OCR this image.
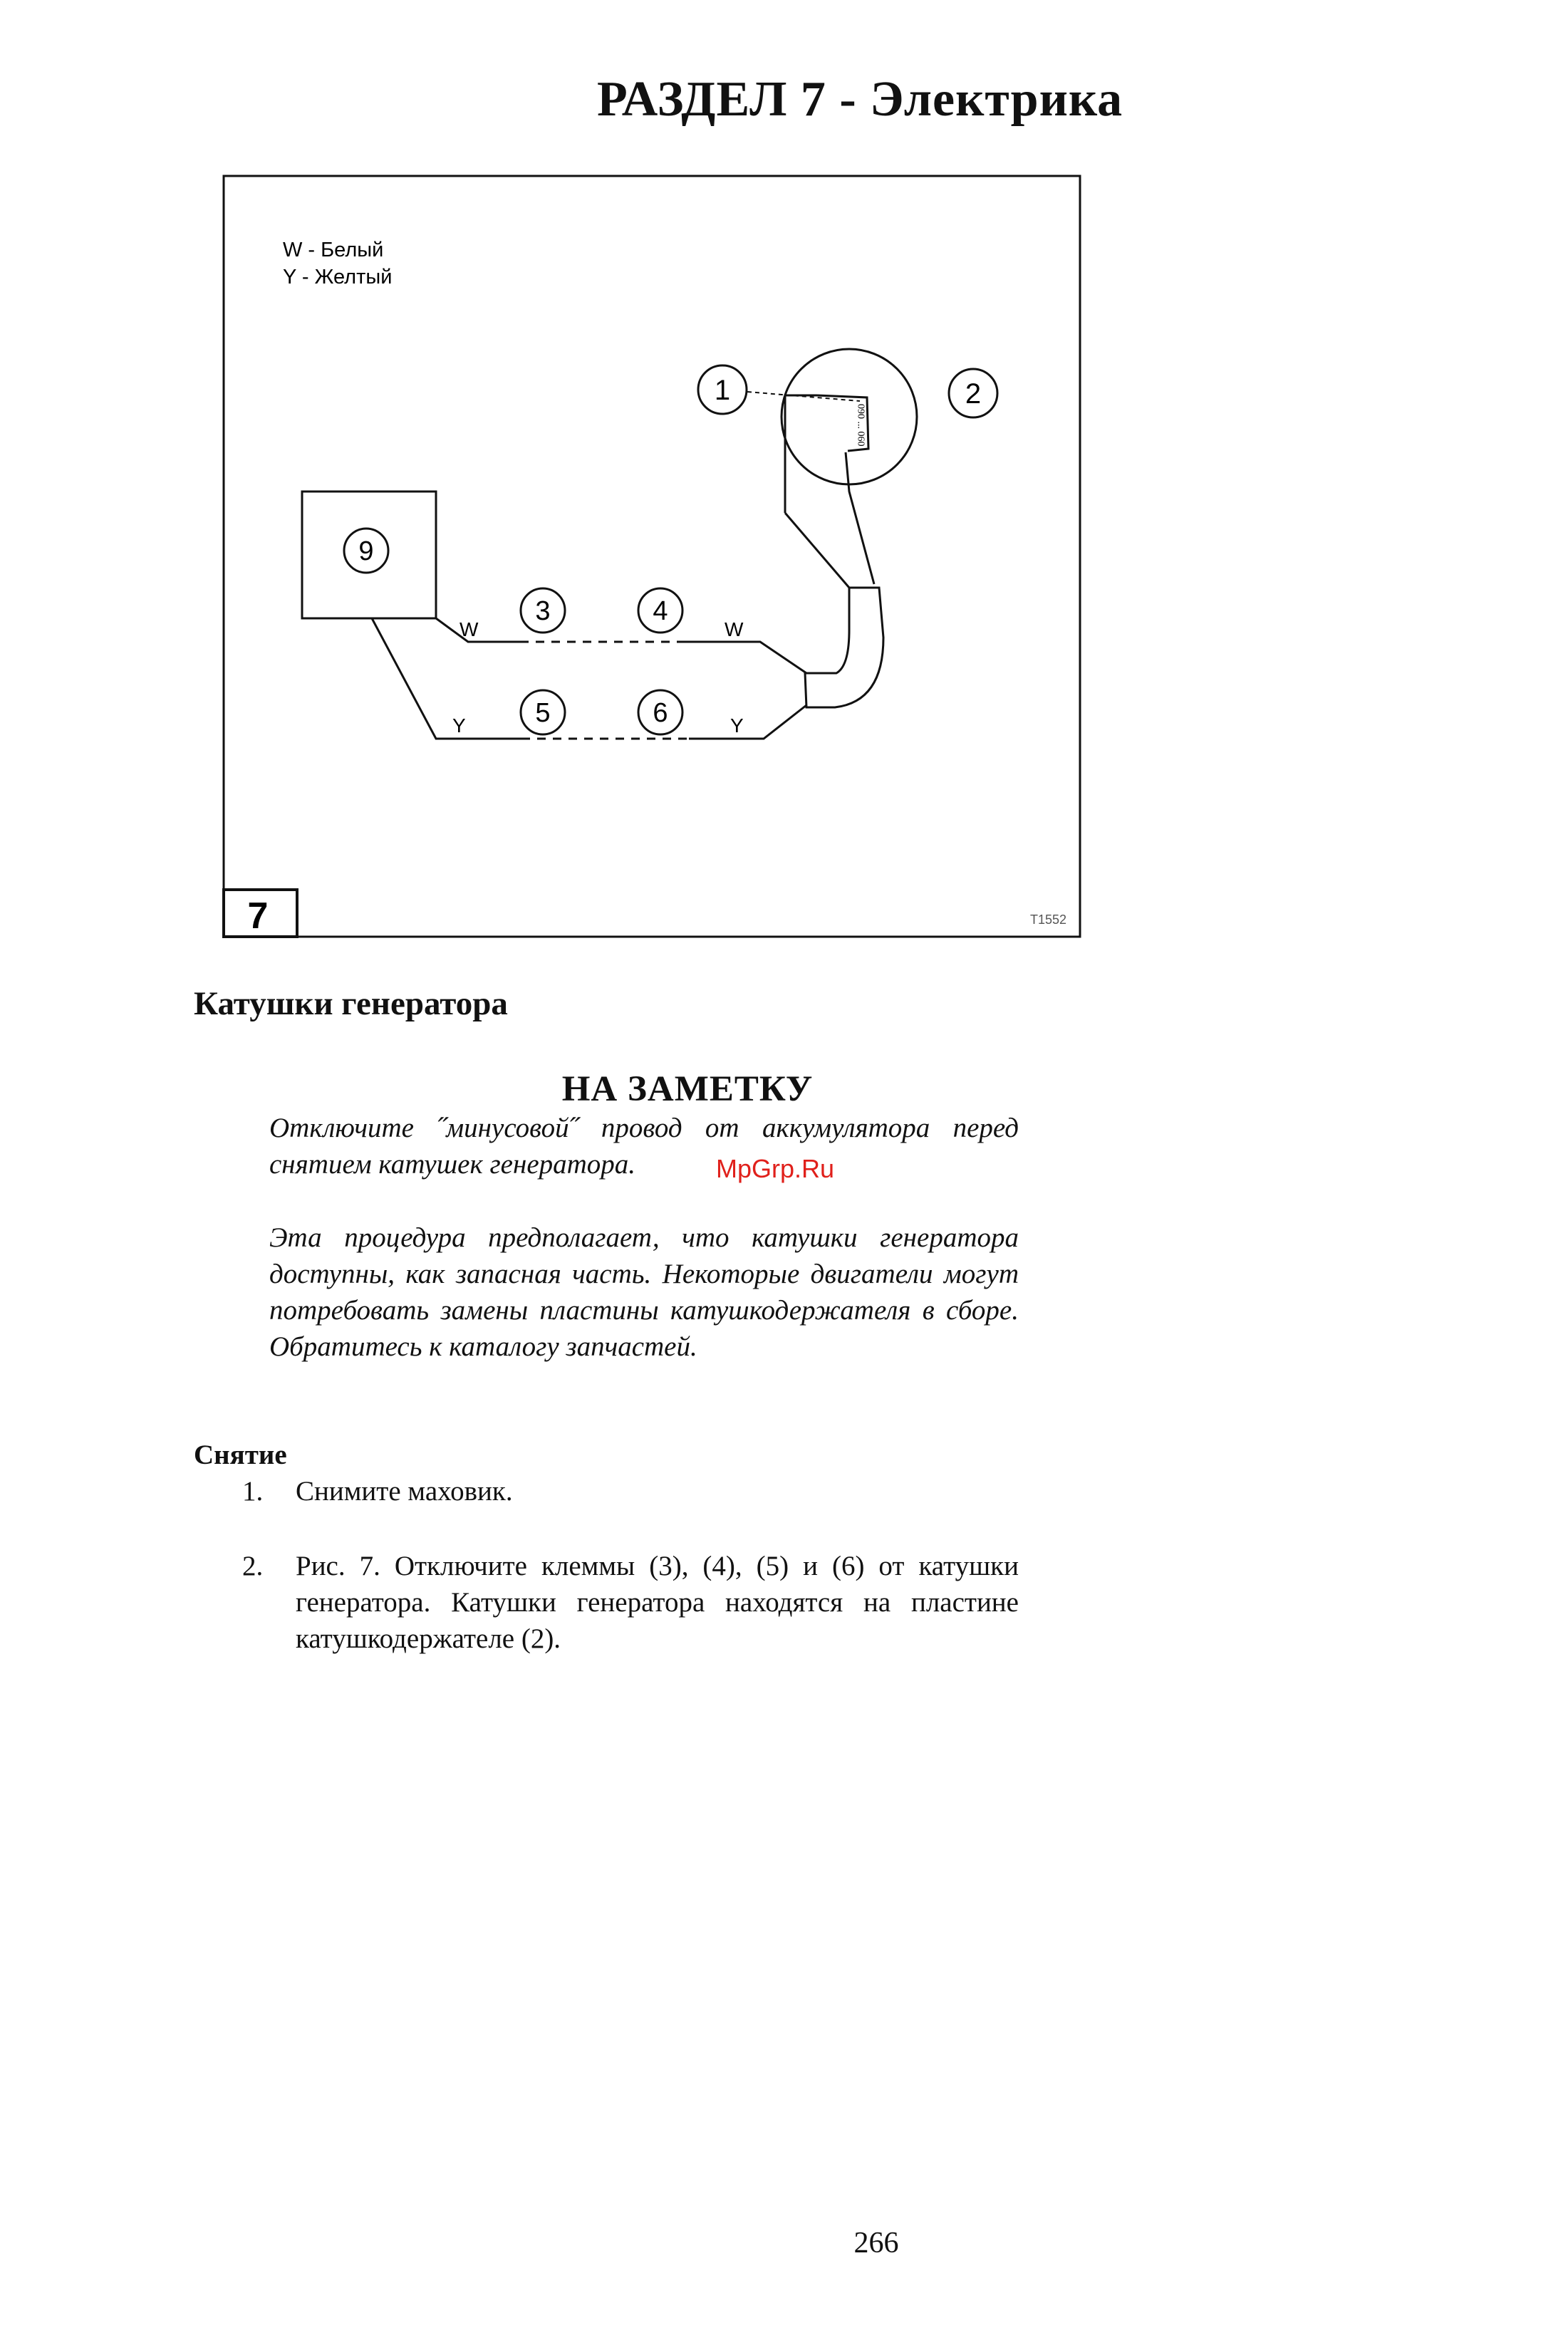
РАЗДЕЛ 7 - Электрика
W - Белый
Y - Желтый
9
W	W
Y	Y
3	4
5	6
090 ... 060
1	2
7	T1552
Катушки генератора
НА ЗАМЕТКУ
Отключите ˝минусовой˝ провод от аккумулятора перед снятием катушек генератора.	MpGrp.Ru
Эта процедура предполагает, что катушки генератора доступны, как запасная часть. Некоторые двигатели могут потребовать замены пластины катушкодержателя в сборе. Обратитесь к каталогу запчастей.
Снятие
1. Снимите маховик.
2. Рис. 7. Отключите клеммы (3), (4), (5) и (6) от катушки генератора. Катушки генератора находятся на пластине катушкодержателе (2).
266
